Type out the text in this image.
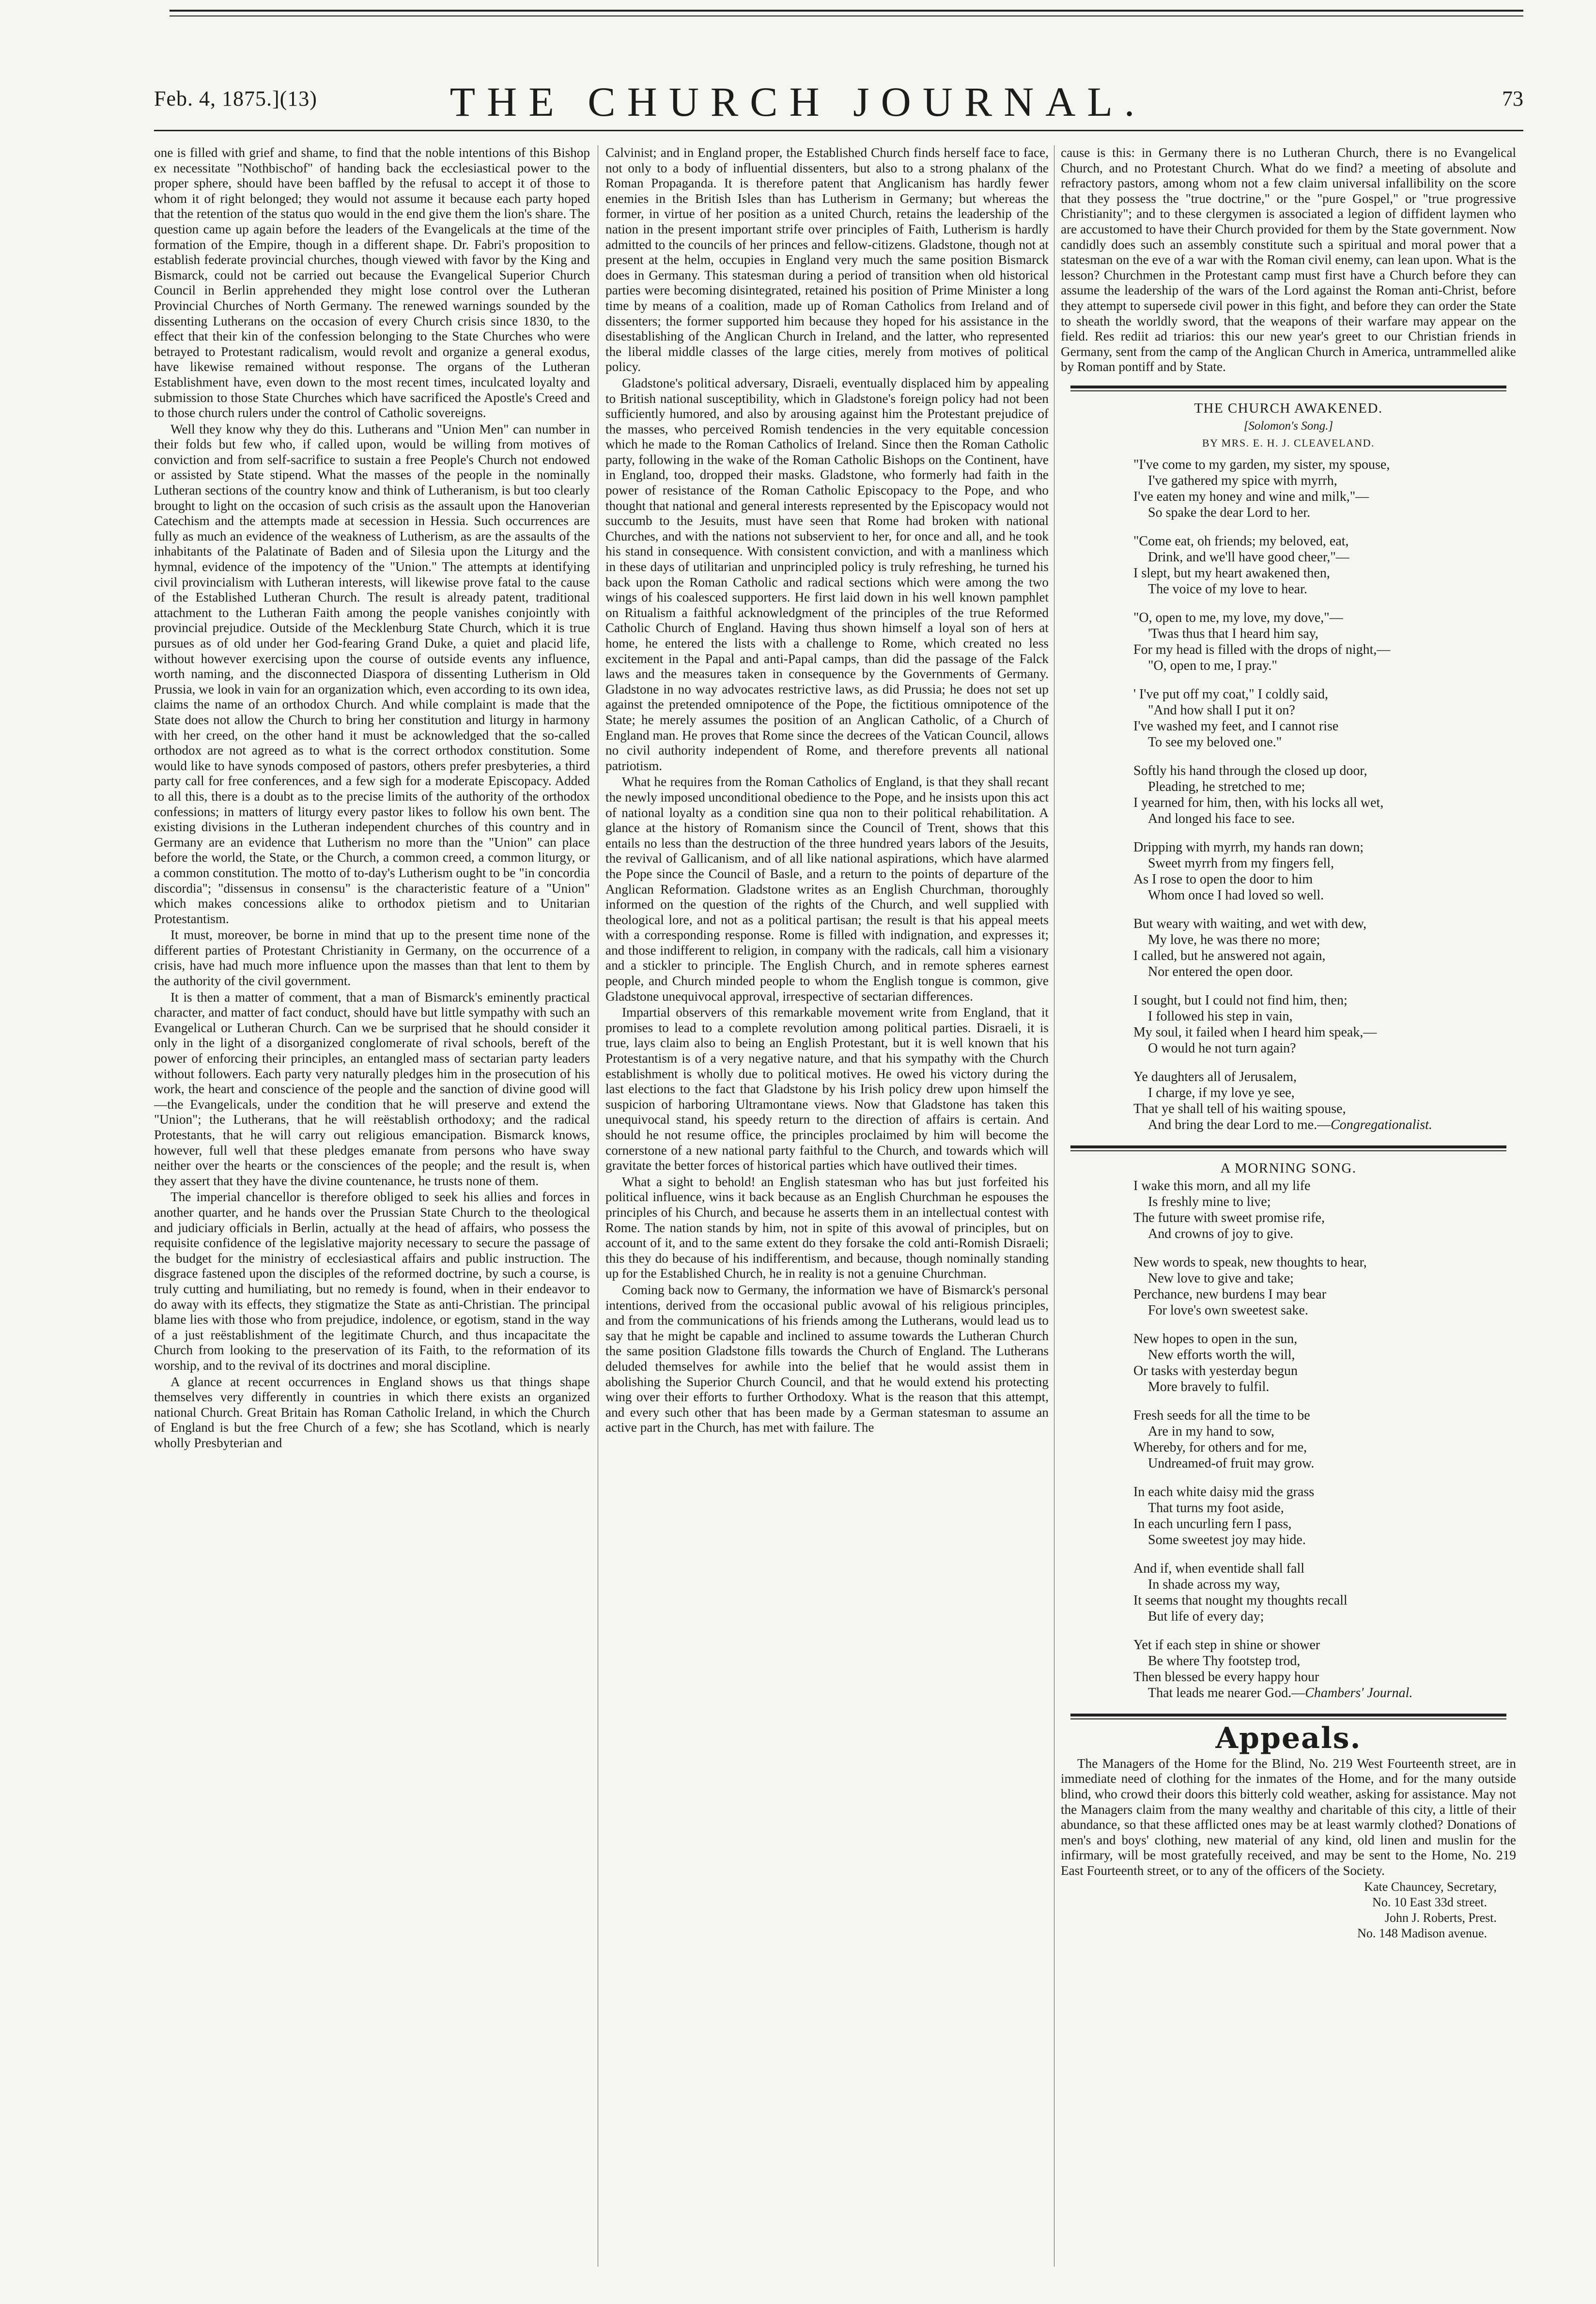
Feb. 4, 1875.](13)	THE CHURCH JOURNAL.	73

one is filled with grief and shame, to find that the noble intentions of this Bishop ex necessitate "Nothbischof" of handing back the ecclesiastical power to the proper sphere, should have been baffled by the refusal to accept it of those to whom it of right belonged; they would not assume it because each party hoped that the retention of the status quo would in the end give them the lion's share. The question came up again before the leaders of the Evangelicals at the time of the formation of the Empire, though in a different shape. Dr. Fabri's proposition to establish federate provincial churches, though viewed with favor by the King and Bismarck, could not be carried out because the Evangelical Superior Church Council in Berlin apprehended they might lose control over the Lutheran Provincial Churches of North Germany. The renewed warnings sounded by the dissenting Lutherans on the occasion of every Church crisis since 1830, to the effect that their kin of the confession belonging to the State Churches who were betrayed to Protestant radicalism, would revolt and organize a general exodus, have likewise remained without response. The organs of the Lutheran Establishment have, even down to the most recent times, inculcated loyalty and submission to those State Churches which have sacrificed the Apostle's Creed and to those church rulers under the control of Catholic sovereigns.

Well they know why they do this. Lutherans and "Union Men" can number in their folds but few who, if called upon, would be willing from motives of conviction and from self-sacrifice to sustain a free People's Church not endowed or assisted by State stipend. What the masses of the people in the nominally Lutheran sections of the country know and think of Lutheranism, is but too clearly brought to light on the occasion of such crisis as the assault upon the Hanoverian Catechism and the attempts made at secession in Hessia. Such occurrences are fully as much an evidence of the weakness of Lutherism, as are the assaults of the inhabitants of the Palatinate of Baden and of Silesia upon the Liturgy and the hymnal, evidence of the impotency of the "Union." The attempts at identifying civil provincialism with Lutheran interests, will likewise prove fatal to the cause of the Established Lutheran Church. The result is already patent, traditional attachment to the Lutheran Faith among the people vanishes conjointly with provincial prejudice. Outside of the Mecklenburg State Church, which it is true pursues as of old under her God-fearing Grand Duke, a quiet and placid life, without however exercising upon the course of outside events any influence, worth naming, and the disconnected Diaspora of dissenting Lutherism in Old Prussia, we look in vain for an organization which, even according to its own idea, claims the name of an orthodox Church. And while complaint is made that the State does not allow the Church to bring her constitution and liturgy in harmony with her creed, on the other hand it must be acknowledged that the so-called orthodox are not agreed as to what is the correct orthodox constitution. Some would like to have synods composed of pastors, others prefer presbyteries, a third party call for free conferences, and a few sigh for a moderate Episcopacy. Added to all this, there is a doubt as to the precise limits of the authority of the orthodox confessions; in matters of liturgy every pastor likes to follow his own bent. The existing divisions in the Lutheran independent churches of this country and in Germany are an evidence that Lutherism no more than the "Union" can place before the world, the State, or the Church, a common creed, a common liturgy, or a common constitution. The motto of to-day's Lutherism ought to be "in concordia discordia"; "dissensus in consensu" is the characteristic feature of a "Union" which makes concessions alike to orthodox pietism and to Unitarian Protestantism.

It must, moreover, be borne in mind that up to the present time none of the different parties of Protestant Christianity in Germany, on the occurrence of a crisis, have had much more influence upon the masses than that lent to them by the authority of the civil government.

It is then a matter of comment, that a man of Bismarck's eminently practical character, and matter of fact conduct, should have but little sympathy with such an Evangelical or Lutheran Church. Can we be surprised that he should consider it only in the light of a disorganized conglomerate of rival schools, bereft of the power of enforcing their principles, an entangled mass of sectarian party leaders without followers. Each party very naturally pledges him in the prosecution of his work, the heart and conscience of the people and the sanction of divine good will—the Evangelicals, under the condition that he will preserve and extend the "Union"; the Lutherans, that he will reëstablish orthodoxy; and the radical Protestants, that he will carry out religious emancipation. Bismarck knows, however, full well that these pledges emanate from persons who have sway neither over the hearts or the consciences of the people; and the result is, when they assert that they have the divine countenance, he trusts none of them.

The imperial chancellor is therefore obliged to seek his allies and forces in another quarter, and he hands over the Prussian State Church to the theological and judiciary officials in Berlin, actually at the head of affairs, who possess the requisite confidence of the legislative majority necessary to secure the passage of the budget for the ministry of ecclesiastical affairs and public instruction. The disgrace fastened upon the disciples of the reformed doctrine, by such a course, is truly cutting and humiliating, but no remedy is found, when in their endeavor to do away with its effects, they stigmatize the State as anti-Christian. The principal blame lies with those who from prejudice, indolence, or egotism, stand in the way of a just reëstablishment of the legitimate Church, and thus incapacitate the Church from looking to the preservation of its Faith, to the reformation of its worship, and to the revival of its doctrines and moral discipline.

A glance at recent occurrences in England shows us that things shape themselves very differently in countries in which there exists an organized national Church. Great Britain has Roman Catholic Ireland, in which the Church of England is but the free Church of a few; she has Scotland, which is nearly wholly Presbyterian and

Calvinist; and in England proper, the Established Church finds herself face to face, not only to a body of influential dissenters, but also to a strong phalanx of the Roman Propaganda. It is therefore patent that Anglicanism has hardly fewer enemies in the British Isles than has Lutherism in Germany; but whereas the former, in virtue of her position as a united Church, retains the leadership of the nation in the present important strife over principles of Faith, Lutherism is hardly admitted to the councils of her princes and fellow-citizens. Gladstone, though not at present at the helm, occupies in England very much the same position Bismarck does in Germany. This statesman during a period of transition when old historical parties were becoming disintegrated, retained his position of Prime Minister a long time by means of a coalition, made up of Roman Catholics from Ireland and of dissenters; the former supported him because they hoped for his assistance in the disestablishing of the Anglican Church in Ireland, and the latter, who represented the liberal middle classes of the large cities, merely from motives of political policy.

Gladstone's political adversary, Disraeli, eventually displaced him by appealing to British national susceptibility, which in Gladstone's foreign policy had not been sufficiently humored, and also by arousing against him the Protestant prejudice of the masses, who perceived Romish tendencies in the very equitable concession which he made to the Roman Catholics of Ireland. Since then the Roman Catholic party, following in the wake of the Roman Catholic Bishops on the Continent, have in England, too, dropped their masks. Gladstone, who formerly had faith in the power of resistance of the Roman Catholic Episcopacy to the Pope, and who thought that national and general interests represented by the Episcopacy would not succumb to the Jesuits, must have seen that Rome had broken with national Churches, and with the nations not subservient to her, for once and all, and he took his stand in consequence. With consistent conviction, and with a manliness which in these days of utilitarian and unprincipled policy is truly refreshing, he turned his back upon the Roman Catholic and radical sections which were among the two wings of his coalesced supporters. He first laid down in his well known pamphlet on Ritualism a faithful acknowledgment of the principles of the true Reformed Catholic Church of England. Having thus shown himself a loyal son of hers at home, he entered the lists with a challenge to Rome, which created no less excitement in the Papal and anti-Papal camps, than did the passage of the Falck laws and the measures taken in consequence by the Governments of Germany. Gladstone in no way advocates restrictive laws, as did Prussia; he does not set up against the pretended omnipotence of the Pope, the fictitious omnipotence of the State; he merely assumes the position of an Anglican Catholic, of a Church of England man. He proves that Rome since the decrees of the Vatican Council, allows no civil authority independent of Rome, and therefore prevents all national patriotism.

What he requires from the Roman Catholics of England, is that they shall recant the newly imposed unconditional obedience to the Pope, and he insists upon this act of national loyalty as a condition sine qua non to their political rehabilitation. A glance at the history of Romanism since the Council of Trent, shows that this entails no less than the destruction of the three hundred years labors of the Jesuits, the revival of Gallicanism, and of all like national aspirations, which have alarmed the Pope since the Council of Basle, and a return to the points of departure of the Anglican Reformation. Gladstone writes as an English Churchman, thoroughly informed on the question of the rights of the Church, and well supplied with theological lore, and not as a political partisan; the result is that his appeal meets with a corresponding response. Rome is filled with indignation, and expresses it; and those indifferent to religion, in company with the radicals, call him a visionary and a stickler to principle. The English Church, and in remote spheres earnest people, and Church minded people to whom the English tongue is common, give Gladstone unequivocal approval, irrespective of sectarian differences.

Impartial observers of this remarkable movement write from England, that it promises to lead to a complete revolution among political parties. Disraeli, it is true, lays claim also to being an English Protestant, but it is well known that his Protestantism is of a very negative nature, and that his sympathy with the Church establishment is wholly due to political motives. He owed his victory during the last elections to the fact that Gladstone by his Irish policy drew upon himself the suspicion of harboring Ultramontane views. Now that Gladstone has taken this unequivocal stand, his speedy return to the direction of affairs is certain. And should he not resume office, the principles proclaimed by him will become the cornerstone of a new national party faithful to the Church, and towards which will gravitate the better forces of historical parties which have outlived their times.

What a sight to behold! an English statesman who has but just forfeited his political influence, wins it back because as an English Churchman he espouses the principles of his Church, and because he asserts them in an intellectual contest with Rome. The nation stands by him, not in spite of this avowal of principles, but on account of it, and to the same extent do they forsake the cold anti-Romish Disraeli; this they do because of his indifferentism, and because, though nominally standing up for the Established Church, he in reality is not a genuine Churchman.

Coming back now to Germany, the information we have of Bismarck's personal intentions, derived from the occasional public avowal of his religious principles, and from the communications of his friends among the Lutherans, would lead us to say that he might be capable and inclined to assume towards the Lutheran Church the same position Gladstone fills towards the Church of England. The Lutherans deluded themselves for awhile into the belief that he would assist them in abolishing the Superior Church Council, and that he would extend his protecting wing over their efforts to further Orthodoxy. What is the reason that this attempt, and every such other that has been made by a German statesman to assume an active part in the Church, has met with failure. The

cause is this: in Germany there is no Lutheran Church, there is no Evangelical Church, and no Protestant Church. What do we find? a meeting of absolute and refractory pastors, among whom not a few claim universal infallibility on the score that they possess the "true doctrine," or the "pure Gospel," or "true progressive Christianity"; and to these clergymen is associated a legion of diffident laymen who are accustomed to have their Church provided for them by the State government. Now candidly does such an assembly constitute such a spiritual and moral power that a statesman on the eve of a war with the Roman civil enemy, can lean upon. What is the lesson? Churchmen in the Protestant camp must first have a Church before they can assume the leadership of the wars of the Lord against the Roman anti-Christ, before they attempt to supersede civil power in this fight, and before they can order the State to sheath the worldly sword, that the weapons of their warfare may appear on the field. Res rediit ad triarios: this our new year's greet to our Christian friends in Germany, sent from the camp of the Anglican Church in America, untrammelled alike by Roman pontiff and by State.

THE CHURCH AWAKENED.
[Solomon's Song.]
BY MRS. E. H. J. CLEAVELAND.
"I've come to my garden, my sister, my spouse,
I've gathered my spice with myrrh,
I've eaten my honey and wine and milk,"—
So spake the dear Lord to her.
"Come eat, oh friends; my beloved, eat,
Drink, and we'll have good cheer,"—
I slept, but my heart awakened then,
The voice of my love to hear.
"O, open to me, my love, my dove,"—
'Twas thus that I heard him say,
For my head is filled with the drops of night,—
"O, open to me, I pray."
' I've put off my coat," I coldly said,
"And how shall I put it on?
I've washed my feet, and I cannot rise
To see my beloved one."
Softly his hand through the closed up door,
Pleading, he stretched to me;
I yearned for him, then, with his locks all wet,
And longed his face to see.
Dripping with myrrh, my hands ran down;
Sweet myrrh from my fingers fell,
As I rose to open the door to him
Whom once I had loved so well.
But weary with waiting, and wet with dew,
My love, he was there no more;
I called, but he answered not again,
Nor entered the open door.
I sought, but I could not find him, then;
I followed his step in vain,
My soul, it failed when I heard him speak,—
O would he not turn again?
Ye daughters all of Jerusalem,
I charge, if my love ye see,
That ye shall tell of his waiting spouse,
And bring the dear Lord to me.—Congregationalist.
A MORNING SONG.
I wake this morn, and all my life
Is freshly mine to live;
The future with sweet promise rife,
And crowns of joy to give.
New words to speak, new thoughts to hear,
New love to give and take;
Perchance, new burdens I may bear
For love's own sweetest sake.
New hopes to open in the sun,
New efforts worth the will,
Or tasks with yesterday begun
More bravely to fulfil.
Fresh seeds for all the time to be
Are in my hand to sow,
Whereby, for others and for me,
Undreamed-of fruit may grow.
In each white daisy mid the grass
That turns my foot aside,
In each uncurling fern I pass,
Some sweetest joy may hide.
And if, when eventide shall fall
In shade across my way,
It seems that nought my thoughts recall
But life of every day;
Yet if each step in shine or shower
Be where Thy footstep trod,
Then blessed be every happy hour
That leads me nearer God.—Chambers' Journal.
Appeals.

The Managers of the Home for the Blind, No. 219 West Fourteenth street, are in immediate need of clothing for the inmates of the Home, and for the many outside blind, who crowd their doors this bitterly cold weather, asking for assistance. May not the Managers claim from the many wealthy and charitable of this city, a little of their abundance, so that these afflicted ones may be at least warmly clothed? Donations of men's and boys' clothing, new material of any kind, old linen and muslin for the infirmary, will be most gratefully received, and may be sent to the Home, No. 219 East Fourteenth street, or to any of the officers of the Society.

Kate Chauncey, Secretary,

No. 10 East 33d street.

John J. Roberts, Prest.

No. 148 Madison avenue.
